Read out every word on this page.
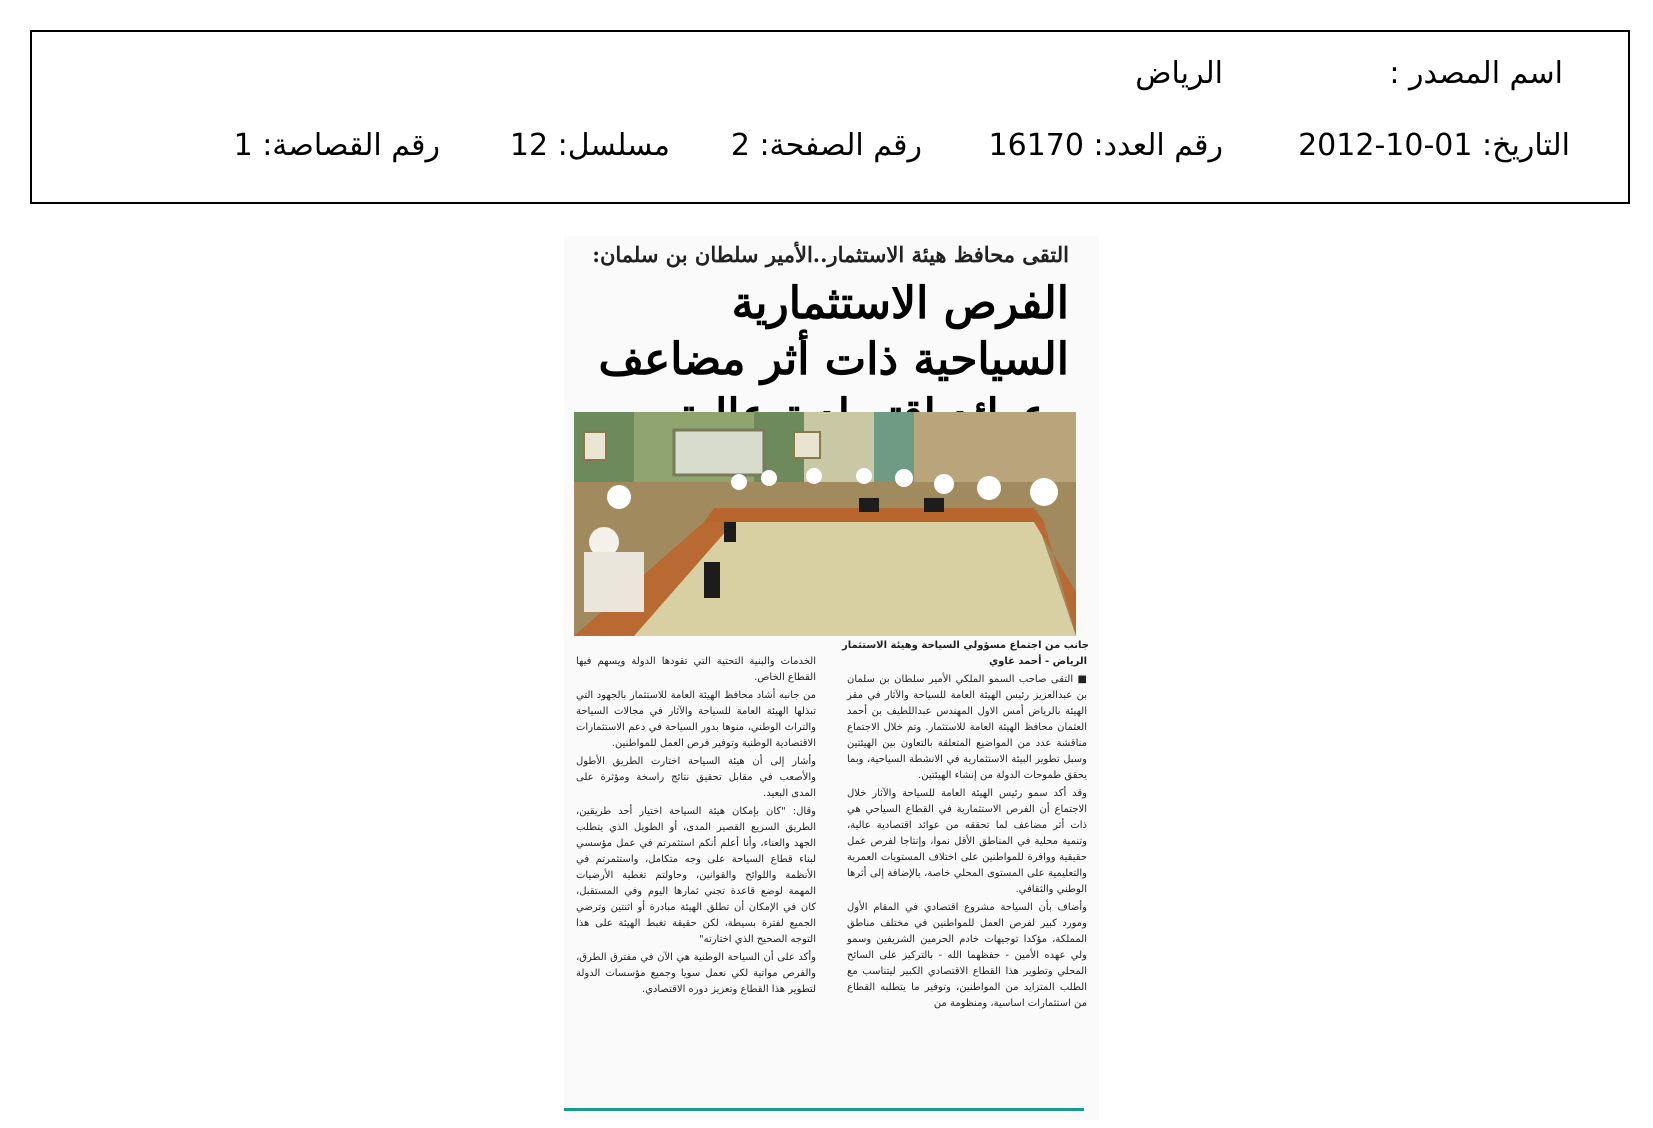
اسم المصدر :
الرياض
التاريخ: 01-10-2012
رقم العدد: 16170
رقم الصفحة: 2
مسلسل: 12
رقم القصاصة: 1
التقى محافظ هيئة الاستثمار..الأمير سلطان بن سلمان:
الفرص الاستثمارية السياحية ذات أثر مضاعف
جانب من اجتماع مسؤولي السياحة وهيئة الاستثمار
الرياض - أحمد غاوي

■ التقى صاحب السمو الملكي الأمير سلطان بن سلمان بن عبدالعزيز رئيس الهيئة العامة للسياحة والآثار في مقر الهيئة بالرياض أمس الاول المهندس عبداللطيف بن أحمد العثمان محافظ الهيئة العامة للاستثمار. وتم خلال الاجتماع مناقشة عدد من المواضيع المتعلقة بالتعاون بين الهيئتين وسبل تطوير البيئة الاستثمارية في الانشطة السياحية، وبما يحقق طموحات الدولة من إنشاء الهيئتين.

وقد أكد سمو رئيس الهيئة العامة للسياحة والآثار خلال الاجتماع أن الفرص الاستثمارية في القطاع السياحي هي ذات أثر مضاعف لما تحققه من عوائد اقتصادية عالية، وتنمية محلية في المناطق الأقل نموا، وإنتاجا لفرص عمل حقيقية ووافرة للمواطنين على اختلاف المستويات العمرية والتعليمية على المستوى المحلي خاصة، بالإضافة إلى أثرها الوطني والثقافي.

وأضاف بأن السياحة مشروع اقتصادي في المقام الأول ومورد كبير لفرص العمل للمواطنين في مختلف مناطق المملكة، مؤكدا توجيهات خادم الحرمين الشريفين وسمو ولي عهده الأمين - حفظهما الله - بالتركيز على السائح المحلي وتطوير هذا القطاع الاقتصادي الكبير ليتناسب مع الطلب المتزايد من المواطنين، وتوفير ما يتطلبه القطاع من استثمارات اساسية، ومنظومة من

الخدمات والبنية التحتية التي تقودها الدولة ويسهم فيها القطاع الخاص.

من جانبه أشاد محافظ الهيئة العامة للاستثمار بالجهود التي تبذلها الهيئة العامة للسياحة والآثار في مجالات السياحة والتراث الوطني، منوها بدور السياحة في دعم الاستثمارات الاقتصادية الوطنية وتوفير فرص العمل للمواطنين.

وأشار إلى أن هيئة السياحة اختارت الطريق الأطول والأصعب في مقابل تحقيق نتائج راسخة ومؤثرة على المدى البعيد.

وقال: "كان بإمكان هيئة السياحة اختيار أحد طريقين، الطريق السريع القصير المدى، أو الطويل الذي يتطلب الجهد والعناء، وأنا أعلم أنكم استثمرتم في عمل مؤسسي لبناء قطاع السياحة على وجه متكامل، واستثمرتم في الأنظمة واللوائح والقوانين، وحاولتم تغطية الأرضيات المهمة لوضع قاعدة تجني ثمارها اليوم وفي المستقبل، كان في الإمكان أن تطلق الهيئة مبادرة أو اثنتين وترضي الجميع لفترة بسيطة، لكن حقيقة تغبط الهيئة على هذا التوجه الصحيح الذي اختارته"

وأكد على أن السياحة الوطنية هي الآن في مفترق الطرق، والفرص مواتية لكي نعمل سويا وجميع مؤسسات الدولة لتطوير هذا القطاع وتعزيز دوره الاقتصادي.
